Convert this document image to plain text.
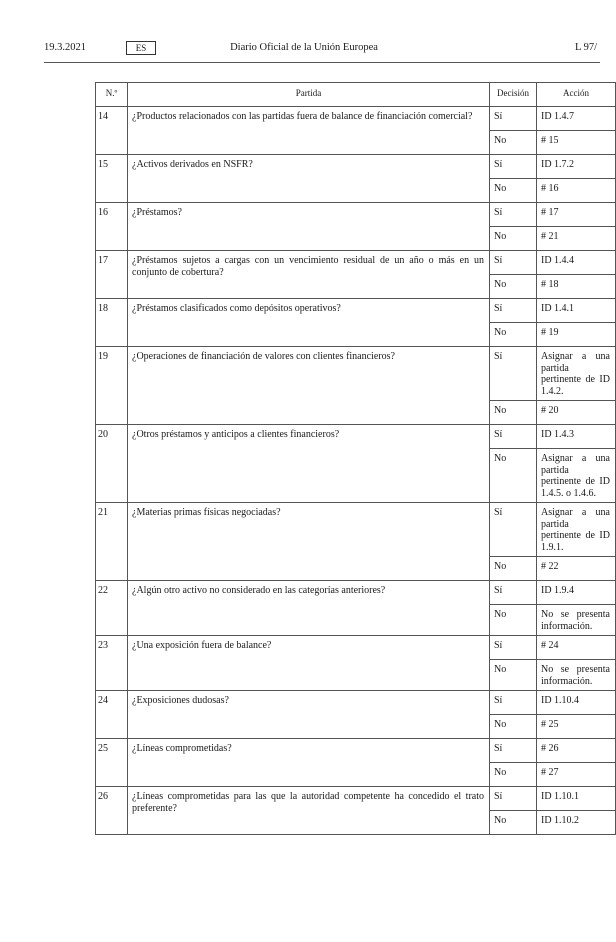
19.3.2021	ES	Diario Oficial de la Unión Europea	L 97/
N.º	Partida	Decisión	Acción
14	¿Productos relacionados con las partidas fuera de balance de financiación comercial?	Sí	ID 1.4.7
		No	# 15
15	¿Activos derivados en NSFR?	Sí	ID 1.7.2
		No	# 16
16	¿Préstamos?	Sí	# 17
		No	# 21
17	¿Préstamos sujetos a cargas con un vencimiento residual de un año o más en un conjunto de cobertura?	Sí	ID 1.4.4
		No	# 18
18	¿Préstamos clasificados como depósitos operativos?	Sí	ID 1.4.1
		No	# 19
19	¿Operaciones de financiación de valores con clientes financieros?	Sí	Asignar a una partida pertinente de ID 1.4.2.
		No	# 20
20	¿Otros préstamos y anticipos a clientes financieros?	Sí	ID 1.4.3
		No	Asignar a una partida pertinente de ID 1.4.5. o 1.4.6.
21	¿Materias primas físicas negociadas?	Sí	Asignar a una partida pertinente de ID 1.9.1.
		No	# 22
22	¿Algún otro activo no considerado en las categorías anteriores?	Sí	ID 1.9.4
		No	No se presenta información.
23	¿Una exposición fuera de balance?	Sí	# 24
		No	No se presenta información.
24	¿Exposiciones dudosas?	Sí	ID 1.10.4
		No	# 25
25	¿Líneas comprometidas?	Sí	# 26
		No	# 27
26	¿Líneas comprometidas para las que la autoridad competente ha concedido el trato preferente?	Sí	ID 1.10.1
		No	ID 1.10.2
